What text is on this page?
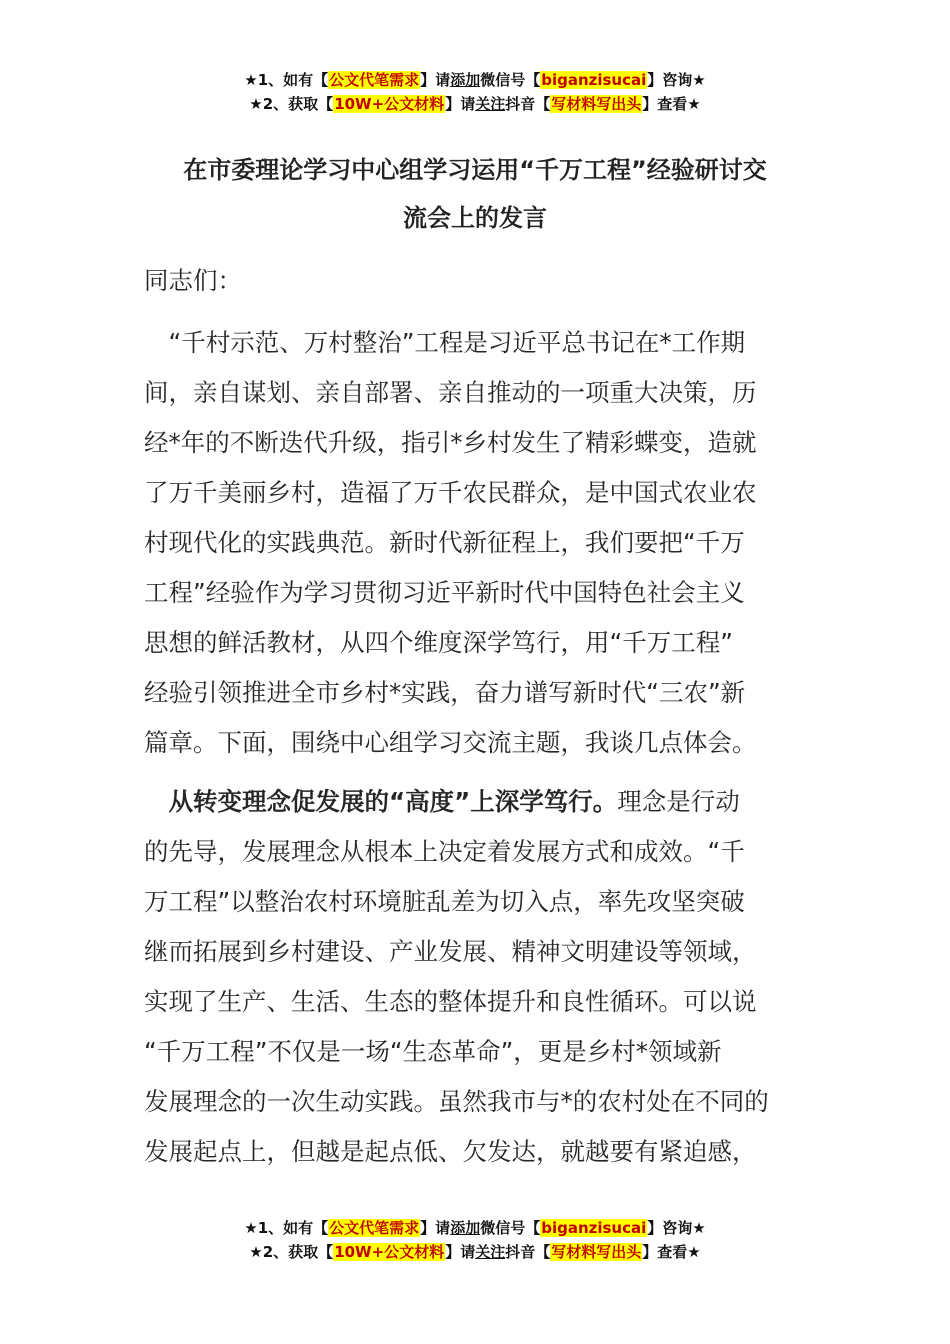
★1、如有【公文代笔需求】请添加微信号【biganzisucai】咨询★
★2、获取【10W+公文材料】请关注抖音【写材料写出头】查看★
在市委理论学习中心组学习运用“千万工程”经验研讨交
流会上的发言
同志们：
　“千村示范、万村整治”工程是习近平总书记在*工作期
间，亲自谋划、亲自部署、亲自推动的一项重大决策，历
经*年的不断迭代升级，指引*乡村发生了精彩蝶变，造就
了万千美丽乡村，造福了万千农民群众，是中国式农业农
村现代化的实践典范。新时代新征程上，我们要把“千万
工程”经验作为学习贯彻习近平新时代中国特色社会主义
思想的鲜活教材，从四个维度深学笃行，用“千万工程”
经验引领推进全市乡村*实践，奋力谱写新时代“三农”新
篇章。下面，围绕中心组学习交流主题，我谈几点体会。
　从转变理念促发展的“高度”上深学笃行。理念是行动
的先导，发展理念从根本上决定着发展方式和成效。“千
万工程”以整治农村环境脏乱差为切入点，率先攻坚突破
继而拓展到乡村建设、产业发展、精神文明建设等领域，
实现了生产、生活、生态的整体提升和良性循环。可以说
“千万工程”不仅是一场“生态革命”，更是乡村*领域新
发展理念的一次生动实践。虽然我市与*的农村处在不同的
发展起点上，但越是起点低、欠发达，就越要有紧迫感，
★1、如有【公文代笔需求】请添加微信号【biganzisucai】咨询★
★2、获取【10W+公文材料】请关注抖音【写材料写出头】查看★
